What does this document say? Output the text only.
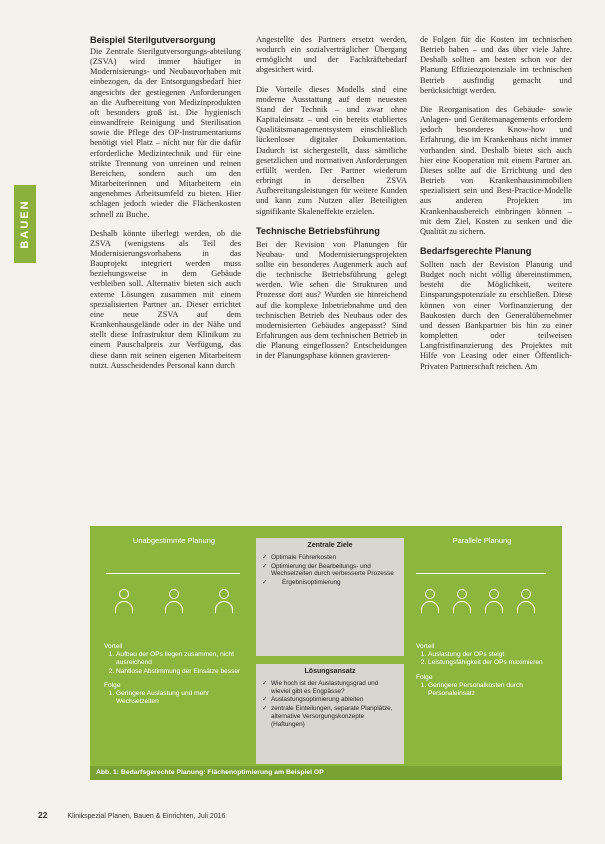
BAUEN
Beispiel Sterilgutversorgung

Die Zentrale Sterilgutversorgungs-abteilung (ZSVA) wird immer häufiger in Modernisierungs- und Neubauvorhaben mit einbezogen, da der Entsorgungsbedarf hier angesichts der gestiegenen Anforderungen an die Aufbereitung von Medizinprodukten oft besonders groß ist. Die hygienisch einwandfreie Reinigung und Sterilisation sowie die Pflege des OP-Instrumentariums benötigt viel Platz – nicht nur für die dafür erforderliche Medizintechnik und für eine strikte Trennung von unreinen und reinen Bereichen, sondern auch um den Mitarbeiterinnen und Mitarbeitern ein angenehmes Arbeitsumfeld zu bieten. Hier schlagen jedoch wieder die Flächenkosten schnell zu Buche.

Deshalb könnte überlegt werden, ob die ZSVA (wenigstens als Teil des Modernisierungsvorhabens in das Bauprojekt integriert werden muss beziehungsweise in dem Gebäude verbleiben soll. Alternativ bieten sich auch externe Lösungen zusammen mit einem spezialisierten Partner an. Dieser errichtet eine neue ZSVA auf dem Krankenhausgelände oder in der Nähe und stellt diese Infrastruktur dem Klinikum zu einem Pauschalpreis zur Verfügung, das diese dann mit seinen eigenen Mitarbeitern nutzt. Ausscheidendes Personal kann durch

Angestellte des Partners ersetzt werden, wodurch ein sozialverträglicher Übergang ermöglicht und der Fachkräftebedarf abgesichert wird.

Die Vorteile dieses Modells sind eine moderne Ausstattung auf dem neuesten Stand der Technik – und zwar ohne Kapitaleinsatz – und ein bereits etabliertes Qualitätsmanagementsystem einschließlich lückenloser digitaler Dokumentation. Dadurch ist sichergestellt, dass sämtliche gesetzlichen und normativen Anforderungen erfüllt werden. Der Partner wiederum erbringt in derselben ZSVA Aufbereitungsleistungen für weitere Kunden und kann zum Nutzen aller Beteiligten signifikante Skaleneffekte erzielen.

Technische Betriebsführung

Bei der Revision von Planungen für Neubau- und Modernisierungsprojekten sollte ein besonderes Augenmerk auch auf die technische Betriebsführung gelegt werden. Wie sehen die Strukturen und Prozesse dort aus? Wurden sie hinreichend auf die komplexe Inbetriebnahme und den technischen Betrieb des Neubaus oder des modernisierten Gebäudes angepasst? Sind Erfahrungen aus dem technischen Betrieb in die Planung eingeflossen? Entscheidungen in der Planungsphase können gravieren-

de Folgen für die Kosten im technischen Betrieb haben – und das über viele Jahre. Deshalb sollten am besten schon vor der Planung Effizienzpotenziale im technischen Betrieb ausfindig gemacht und berücksichtigt werden.

Die Reorganisation des Gebäude- sowie Anlagen- und Gerätemanagements erfordern jedoch besonderes Know-how und Erfahrung, die im Krankenhaus nicht immer vorhanden sind. Deshalb bietet sich auch hier eine Kooperation mit einem Partner an. Dieses sollte auf die Errichtung und den Betrieb von Krankenhausimmobilien spezialisiert sein und Best-Practice-Modelle aus anderen Projekten im Krankenhausbereich einbringen können – mit dem Ziel, Kosten zu senken und die Qualität zu sichern.

Bedarfsgerechte Planung

Sollten nach der Revision Planung und Budget noch nicht völlig übereinstimmen, besteht die Möglichkeit, weitere Einsparungspotenziale zu erschließen. Diese können von einer Vorfinanzierung der Baukosten durch den Generalübernehmer und dessen Bankpartner bis hin zu einer kompletten oder teilweisen Langfristfinanzierung des Projektes mit Hilfe von Leasing oder einer Öffentlich-Privaten Partnerschaft reichen. Am

Unabgestimmte Planung
Vorteil
1. Aufbau der OPs liegen zusammen, nicht ausreichend
2. Nahtlose Abstimmung der Einsätze besser
Folge
1. Geringere Auslastung und mehr Wechselzeiten
Zentrale Ziele
✓ Optimale Führerkosten
✓ Optimierung der Bearbeitungs- und Wechselzeiten durch verbesserte Prozesse
✓ Ergebnisoptimierung
Lösungsansatz
✓ Wie hoch ist der Auslastungsgrad und wieviel gibt es Engpässe?
✓ Auslastungsoptimierung ableiten
✓ zentrale Einteilungen, separate Planplätze, alternative Versorgungskonzepte (Haftungen)
Parallele Planung
Vorteil
1. Auslastung der OPs steigt
2. Leistungsfähigkeit der OPs maximieren
Folge
1. Geringere Personalkosten durch Personaleinsatz
Abb. 1: Bedarfsgerechte Planung: Flächenoptimierung am Beispiel OP
22	Klinikspezial Planen, Bauen & Einrichten, Juli 2016
